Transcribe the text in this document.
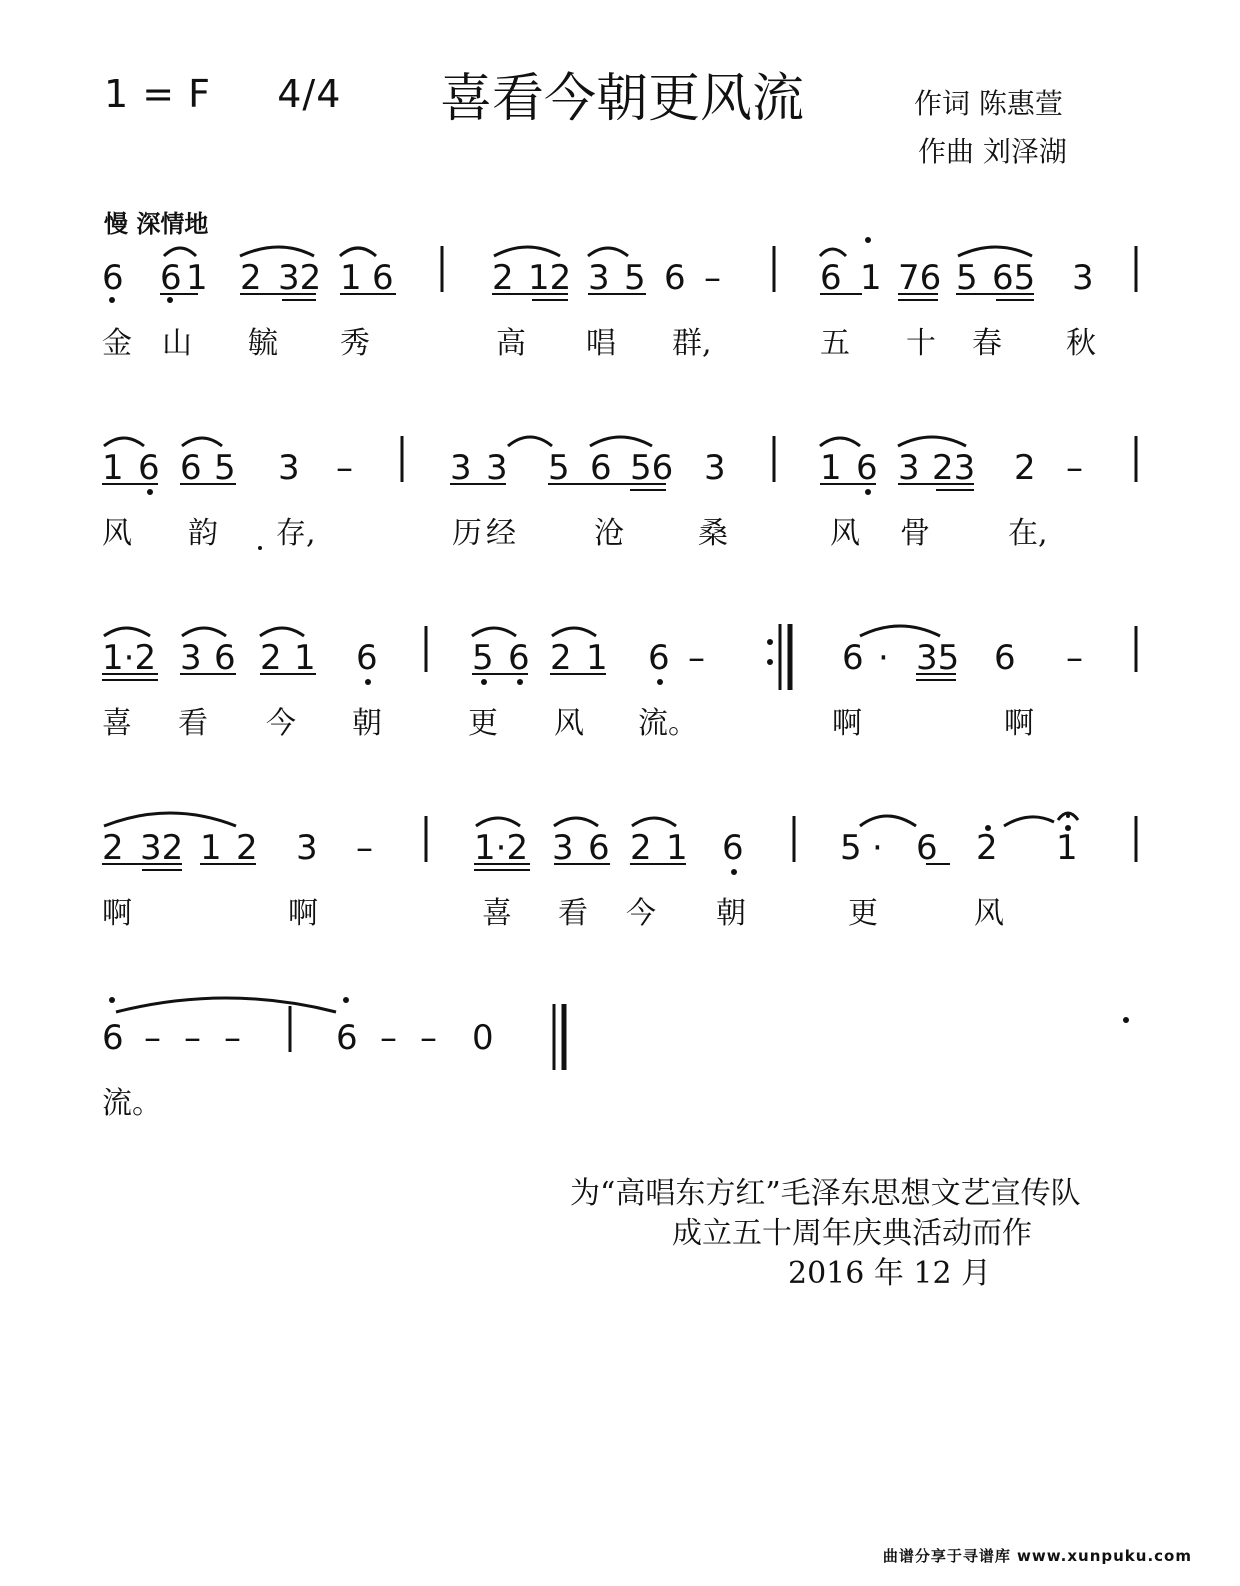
1 = F 4/4 喜看今朝更风流	作词 陈惠萱
作曲 刘泽湖
慢 深情地
6 6 1 2 32 1 6	2 12 3 5 6 –	6 1 76 5 65 3
金 山 毓 秀	高 唱 群,	五 十 春 秋
1 6 6 5 3 –	3 3 5 6 56 3	1 6 3 23 2 –
风 韵 存,	历 经	沧 桑	风 骨	在,
1·2 3 6 2 1 6	5 6 2 1 6 –	6 · 35 6 –
喜 看 今 朝	更 风 流。	啊	啊
2 32 1 2 3 –	1·2 3 6 2 1 6	5 · 6 2 1
啊	啊	喜 看 今 朝	更	风
6 – – –	6 – – 0
流。
为“高唱东方红”毛泽东思想文艺宣传队
成立五十周年庆典活动而作
2016 年 12 月
曲谱分享于寻谱库 www.xunpuku.com
